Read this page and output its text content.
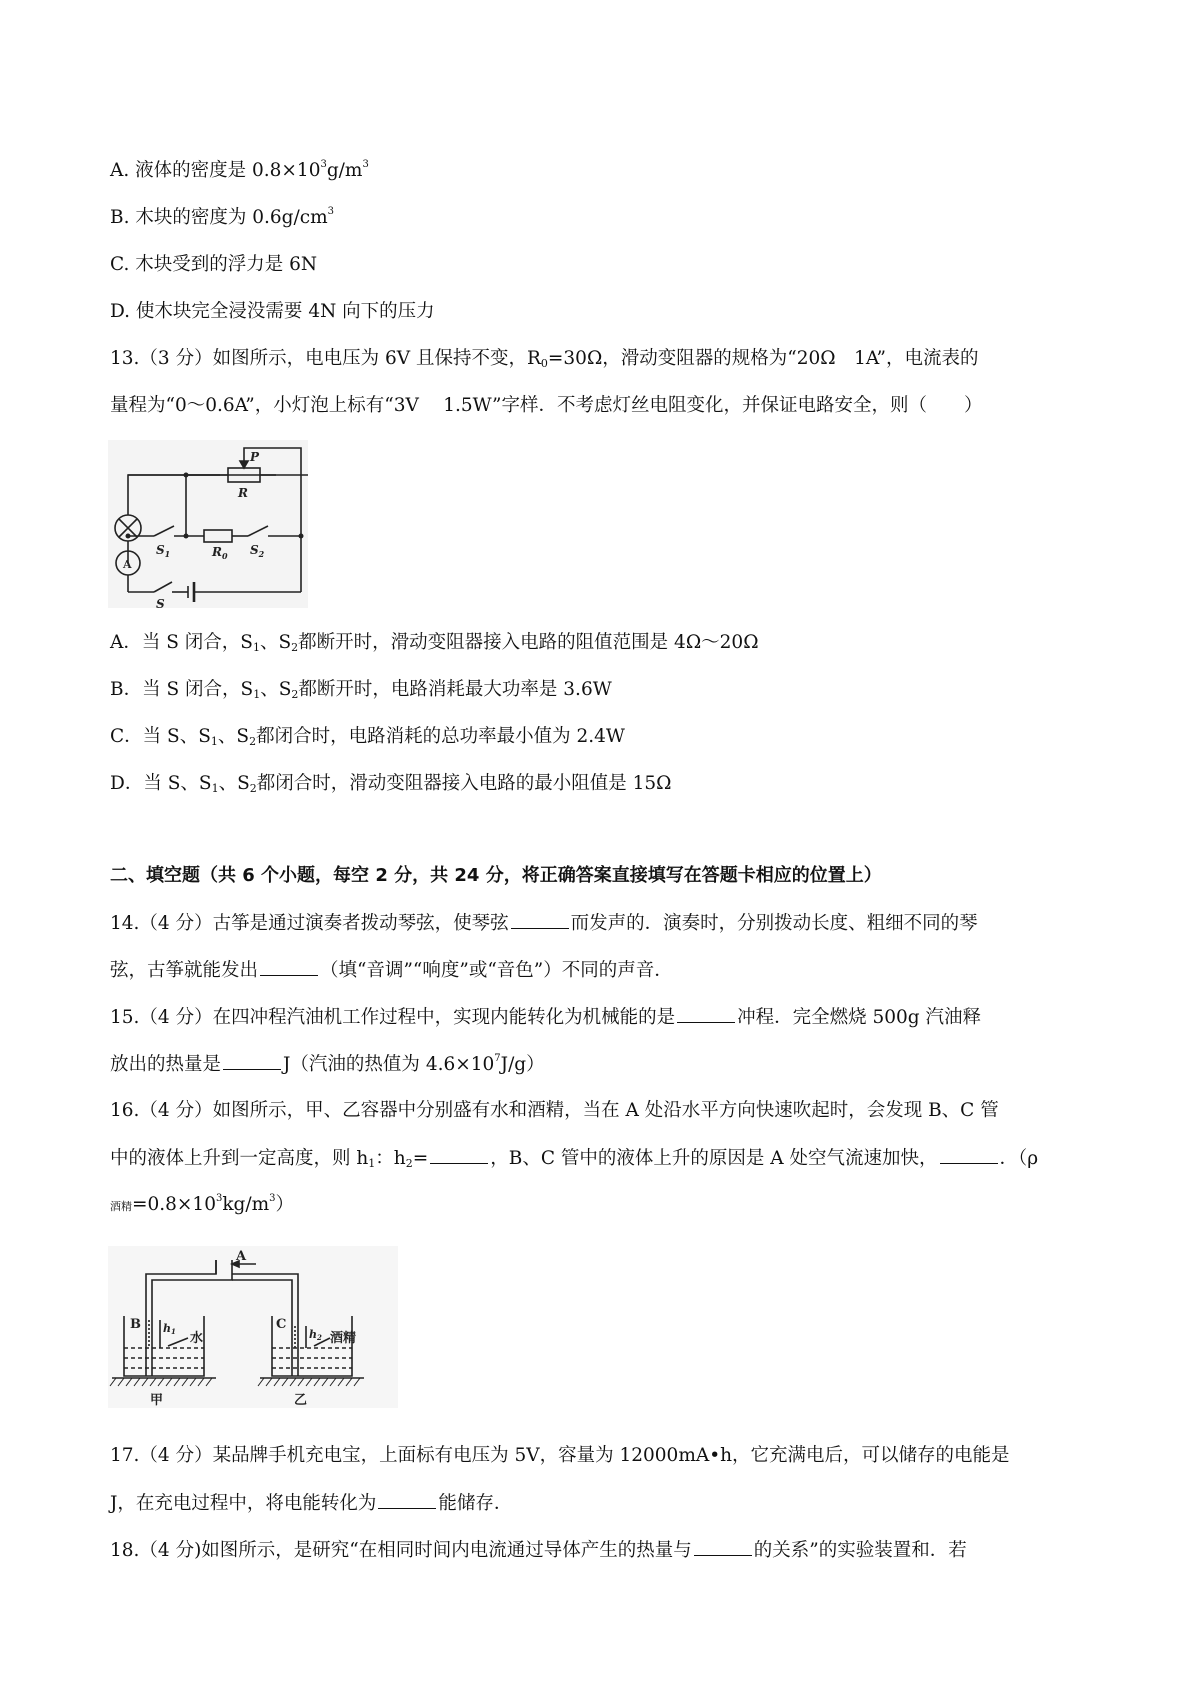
A. 液体的密度是 $0.8\times 10^3g/m^3$
B. 木块的密度为 $0.6g/cm^3$
C. 木块受到的浮力是 6N
D. 使木块完全浸没需要 4N 向下的压力
13.（3 分）如图所示，电电压为 6V 且保持不变，$R_0=30\Omega$，滑动变阻器的规格为“20Ω　1A”，电流表的
量程为“0～0.6A”，小灯泡上标有“3V　 1.5W”字样．不考虑灯丝电阻变化，并保证电路安全，则（　　）
P
R
$S_1$	$R_0$ $S_2$
S
A
A．当 S 闭合，$S_1$、$S_2$都断开时，滑动变阻器接入电路的阻值范围是 4Ω～20Ω
B．当 S 闭合，$S_1$、$S_2$都断开时，电路消耗最大功率是 3.6W
C．当 S、$S_1$、$S_2$都闭合时，电路消耗的总功率最小值为 2.4W
D．当 S、$S_1$、$S_2$都闭合时，滑动变阻器接入电路的最小阻值是 15Ω
二、填空题（共 6 个小题，每空 2 分，共 24 分，将正确答案直接填写在答题卡相应的位置上）
14.（4 分）古筝是通过演奏者拨动琴弦，使琴弦	而发声的．演奏时，分别拨动长度、粗细不同的琴
弦，古筝就能发出	（填“音调”“响度”或“音色”）不同的声音．
15.（4 分）在四冲程汽油机工作过程中，实现内能转化为机械能的是	冲程．完全燃烧 500g 汽油释
放出的热量是	J（汽油的热值为 $4.6\times 10^7J/g$）
16.（4 分）如图所示，甲、乙容器中分别盛有水和酒精，当在 A 处沿水平方向快速吹起时，会发现 B、C 管
中的液体上升到一定高度，则 $h_1$：$h_2=$	，B、C 管中的液体上升的原因是 A 处空气流速加快，	．（ρ
酒精$=0.8\times 10^3kg/m^3$）
A
B	C
h1	h2
水	酒精
甲	乙
17.（4 分）某品牌手机充电宝，上面标有电压为 5V，容量为 12000mA•h，它充满电后，可以储存的电能是
J，在充电过程中，将电能转化为	能储存．
18.（4 分)如图所示，是研究“在相同时间内电流通过导体产生的热量与	的关系”的实验装置和．若
